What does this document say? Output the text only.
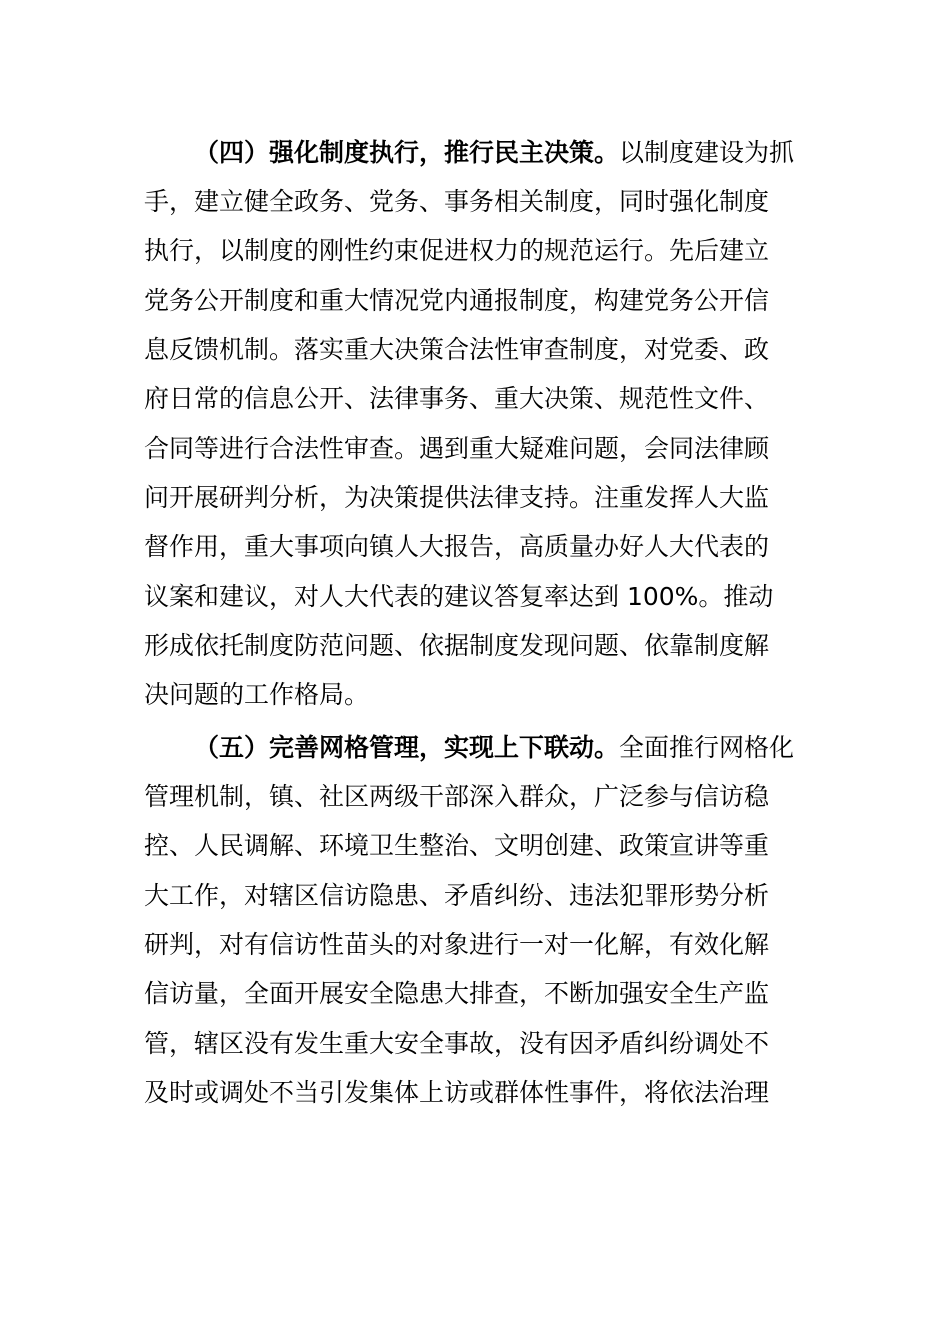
（四）强化制度执行，推行民主决策。以制度建设为抓
手，建立健全政务、党务、事务相关制度，同时强化制度
执行，以制度的刚性约束促进权力的规范运行。先后建立
党务公开制度和重大情况党内通报制度，构建党务公开信
息反馈机制。落实重大决策合法性审查制度，对党委、政
府日常的信息公开、法律事务、重大决策、规范性文件、
合同等进行合法性审查。遇到重大疑难问题，会同法律顾
问开展研判分析，为决策提供法律支持。注重发挥人大监
督作用，重大事项向镇人大报告，高质量办好人大代表的
议案和建议，对人大代表的建议答复率达到 100%。推动
形成依托制度防范问题、依据制度发现问题、依靠制度解
决问题的工作格局。
（五）完善网格管理，实现上下联动。全面推行网格化
管理机制，镇、社区两级干部深入群众，广泛参与信访稳
控、人民调解、环境卫生整治、文明创建、政策宣讲等重
大工作，对辖区信访隐患、矛盾纠纷、违法犯罪形势分析
研判，对有信访性苗头的对象进行一对一化解，有效化解
信访量，全面开展安全隐患大排查，不断加强安全生产监
管，辖区没有发生重大安全事故，没有因矛盾纠纷调处不
及时或调处不当引发集体上访或群体性事件，将依法治理
